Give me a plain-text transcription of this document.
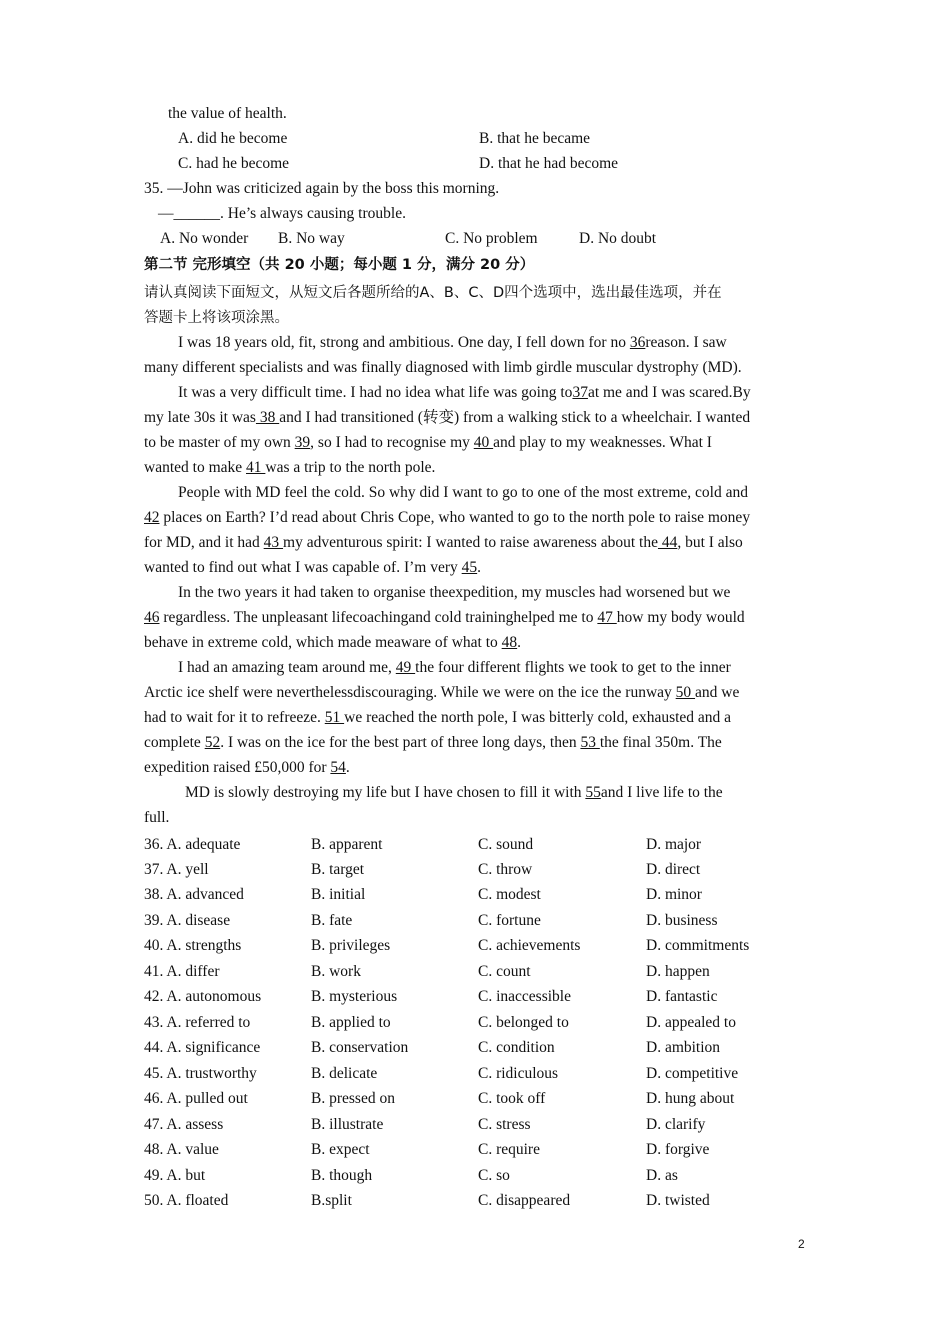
the value of health.
A. did he become	B. that he became
C. had he become	D. that he had become
35. —John was criticized again by the boss this morning.
—______. He’s always causing trouble.
A. No wonder B. No way	C. No problem	D. No doubt
第二节 完形填空（共 20 小题；每小题 1 分，满分 20 分）
请认真阅读下面短文，从短文后各题所给的A、B、C、D四个选项中，选出最佳选项，并在
答题卡上将该项涂黑。
I was 18 years old, fit, strong and ambitious. One day, I fell down for no 36reason. I saw
many different specialists and was finally diagnosed with limb girdle muscular dystrophy (MD).
It was a very difficult time. I had no idea what life was going to37at me and I was scared.By
my late 30s it was 38 and I had transitioned (转变) from a walking stick to a wheelchair. I wanted
to be master of my own 39, so I had to recognise my 40 and play to my weaknesses. What I
wanted to make 41 was a trip to the north pole.
People with MD feel the cold. So why did I want to go to one of the most extreme, cold and
42 places on Earth? I’d read about Chris Cope, who wanted to go to the north pole to raise money
for MD, and it had 43 my adventurous spirit: I wanted to raise awareness about the 44, but I also
wanted to find out what I was capable of. I’m very 45.
In the two years it had taken to organise theexpedition, my muscles had worsened but we
46 regardless. The unpleasant lifecoachingand cold traininghelped me to 47 how my body would
behave in extreme cold, which made meaware of what to 48.
I had an amazing team around me, 49 the four different flights we took to get to the inner
Arctic ice shelf were neverthelessdiscouraging. While we were on the ice the runway 50 and we
had to wait for it to refreeze. 51 we reached the north pole, I was bitterly cold, exhausted and a
complete 52. I was on the ice for the best part of three long days, then 53 the final 350m. The
expedition raised £50,000 for 54.
MD is slowly destroying my life but I have chosen to fill it with 55and I live life to the
full.
36. A. adequate	B. apparent	C. sound	D. major
37. A. yell	B. target	C. throw	D. direct
38. A. advanced	B. initial	C. modest	D. minor
39. A. disease	B. fate	C. fortune	D. business
40. A. strengths	B. privileges	C. achievements	D. commitments
41. A. differ	B. work	C. count	D. happen
42. A. autonomous	B. mysterious	C. inaccessible	D. fantastic
43. A. referred to	B. applied to	C. belonged to	D. appealed to
44. A. significance	B. conservation	C. condition	D. ambition
45. A. trustworthy	B. delicate	C. ridiculous	D. competitive
46. A. pulled out	B. pressed on	C. took off	D. hung about
47. A. assess	B. illustrate	C. stress	D. clarify
48. A. value	B. expect	C. require	D. forgive
49. A. but	B. though	C. so	D. as
50. A. floated	B.split	C. disappeared	D. twisted
2
